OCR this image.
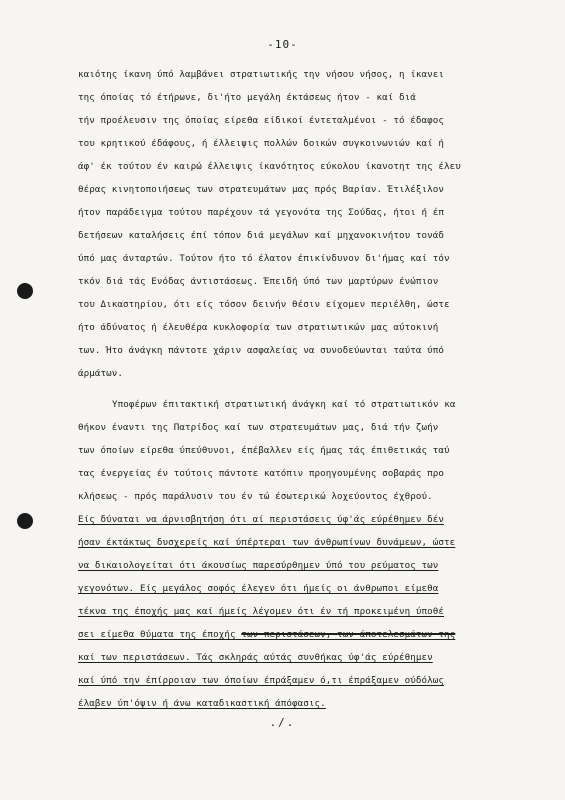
-10-
καιότης ίκανη ύπό λαμβάνει στρατιωτικής την νήσου νήσος, η ίκανει
της όποίας τό έτήρωνε, δι'ήτο μεγάλη έκτάσεως ήτον - καί διά
τήν προέλευσιν της όποίας είρεθα είδικοί έντεταλμένοι - τό έδαφος
του κρητικού έδάφους, ή έλλειψις πολλών δοικών συγκοινωνιών καί ή
άφ' έκ τούτου έν καιρώ έλλειψις ίκανότητος εύκολου ίκανοτητ της έλευ
θέρας κινητοποιήσεως των στρατευμάτων μας πρός Βαρίαν. Έτιλέξιλον
ήτον παράδειγμα τούτου παρέχουν τά γεγονότα της Σούδας, ήτοι ή έπ
δετήσεων καταλήσεις έπί τόπον διά μεγάλων καί μηχανοκινήτου τονάδ
ύπό μας άνταρτών. Τούτον ήτο τό έλατον έπικίνδυνον δι'ήμας καί τόν
τκόν διά τάς Ενόδας άντιστάσεως. Έπειδή ύπό των μαρτύρων ένώπιον
του Δικαστηρίου, ότι είς τόσον δεινήν θέσιν είχομεν περιέλθη, ώστε
ήτο άδύνατος ή έλευθέρα κυκλοφορία των στρατιωτικών μας αύτοκινή
των. Ήτο άνάγκη πάντοτε χάριν ασφαλείας να συνοδεύωνται ταύτα ύπό
άρμάτων.
Υποφέρων έπιτακτική στρατιωτική άνάγκη καί τό στρατιωτικόν κα
θήκον έναντι της Πατρίδος καί των στρατευμάτων μας, διά τήν ζωήν
των όποίων είρεθα ύπεύθυνοι, έπέβαλλεν είς ήμας τάς έπιθετικάς ταύ
τας ένεργείας έν τούτοις πάντοτε κατόπιν προηγουμένης σοβαράς προ
κλήσεως - πρός παράλυσιν του έν τώ έσωτερικώ λοχεύοντος έχθρού.
Είς δύναται να άρνισβητήση ότι αί περιστάσεις ύφ'άς εύρέθημεν δέν
ήσαν έκτάκτως δυσχερείς καί ύπέρτεραι των άνθρωπίνων δυνάμεων, ώστε
να δικαιολογείται ότι άκουσίως παρεσύρθημεν ύπό του ρεύματος των
γεγονότων. Είς μεγάλος σοφός έλεγεν ότι ήμείς οι άνθρωποι είμεθα
τέκνα της έποχής μας καί ήμείς λέγομεν ότι έν τή προκειμένη ύποθέ
σει είμεθα θύματα της έποχής των περιστάσεων, των άποτελεσμάτων της
καί των περιστάσεων. Τάς σκληράς αύτάς συνθήκας ύφ'άς εύρέθημεν
καί ύπό την έπίρροιαν των όποίων έπράξαμεν ό,τι έπράξαμεν ούδόλως
έλαβεν ύπ'όψιν ή άνω καταδικαστική άπόφασις.
./.
